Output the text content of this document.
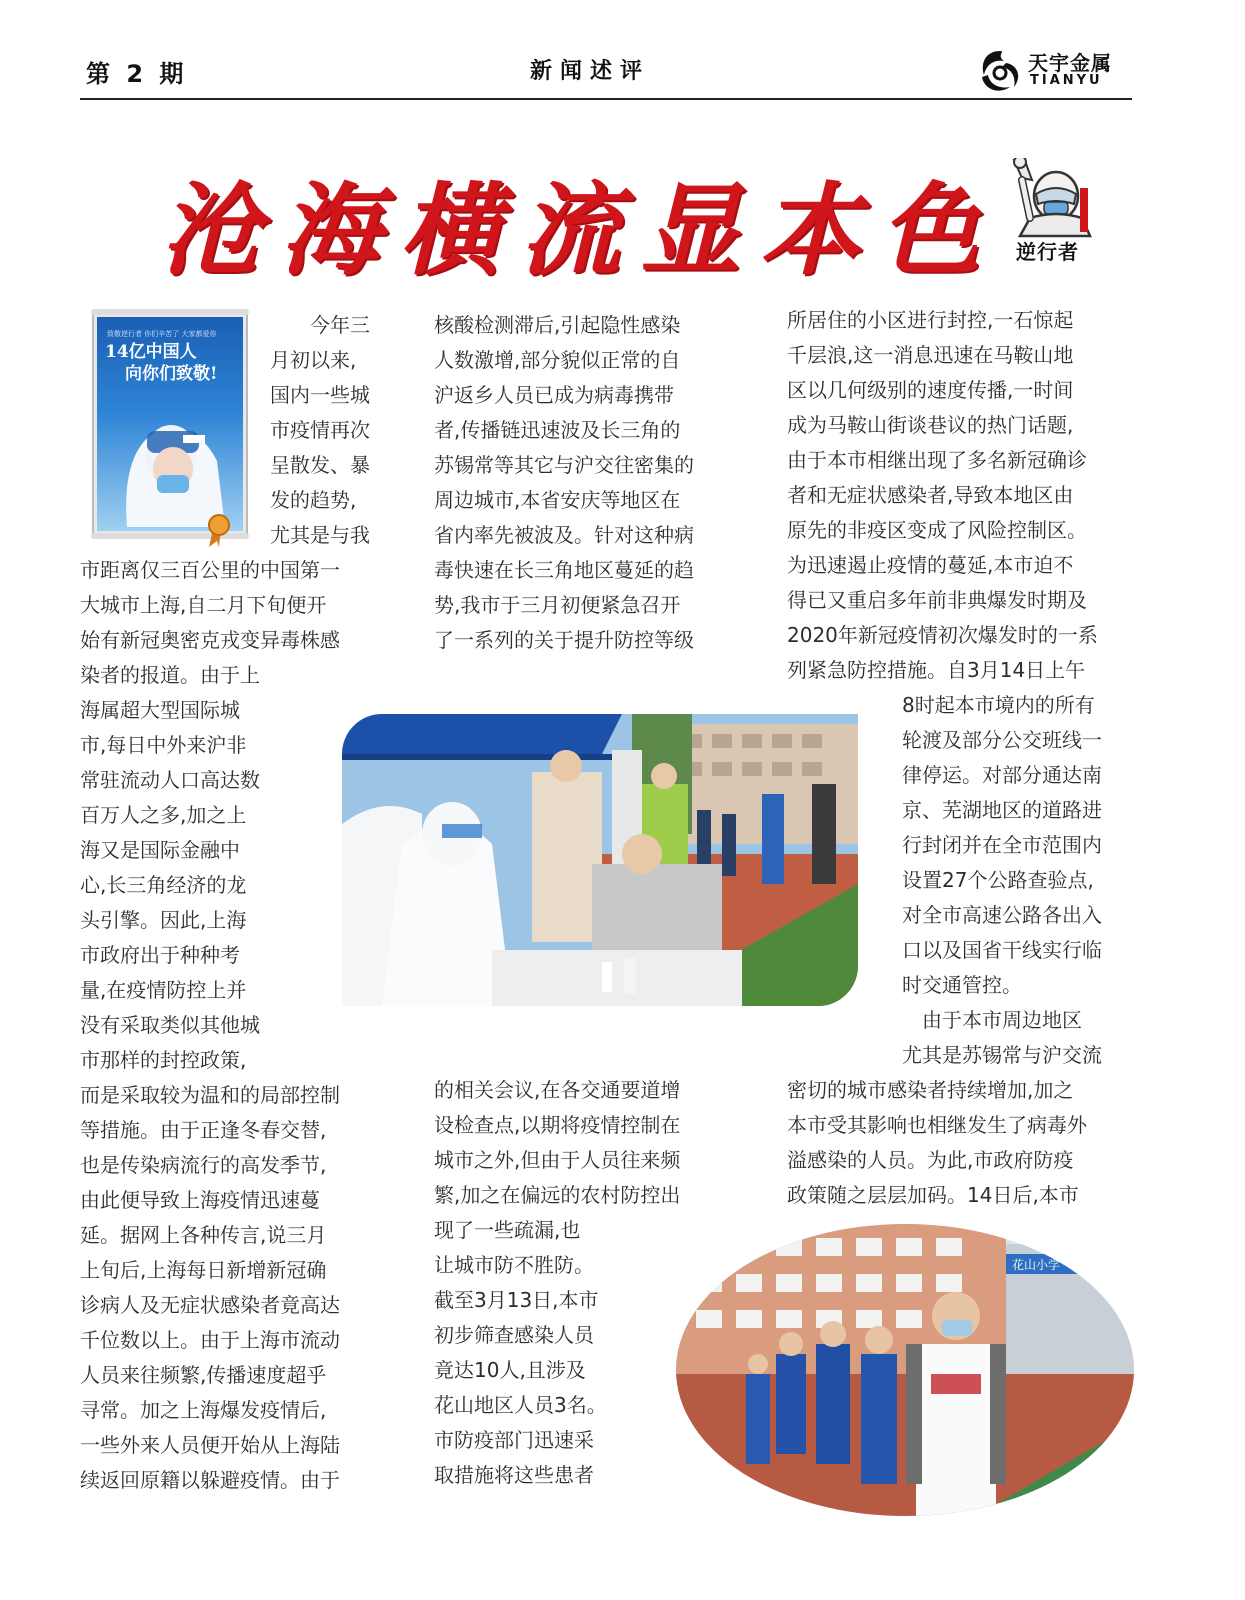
第 2 期	新闻述评	天宇金属
TIANYU
沧海横流显本色 逆行者
致敬逆行者 你们辛苦了 大家都爱你
14亿中国人
向你们致敬!

今年三

月初以来,

国内一些城

市疫情再次

呈散发、暴

发的趋势,

尤其是与我

市距离仅三百公里的中国第一

大城市上海,自二月下旬便开

始有新冠奥密克戎变异毒株感

染者的报道。由于上

海属超大型国际城

市,每日中外来沪非

常驻流动人口高达数

百万人之多,加之上

海又是国际金融中

心,长三角经济的龙

头引擎。因此,上海

市政府出于种种考

量,在疫情防控上并

没有采取类似其他城

市那样的封控政策,

而是采取较为温和的局部控制

等措施。由于正逢冬春交替,

也是传染病流行的高发季节,

由此便导致上海疫情迅速蔓

延。据网上各种传言,说三月

上旬后,上海每日新增新冠确

诊病人及无症状感染者竟高达

千位数以上。由于上海市流动

人员来往频繁,传播速度超乎

寻常。加之上海爆发疫情后,

一些外来人员便开始从上海陆

续返回原籍以躲避疫情。由于

核酸检测滞后,引起隐性感染

人数激增,部分貌似正常的自

沪返乡人员已成为病毒携带

者,传播链迅速波及长三角的

苏锡常等其它与沪交往密集的

周边城市,本省安庆等地区在

省内率先被波及。针对这种病

毒快速在长三角地区蔓延的趋

势,我市于三月初便紧急召开

了一系列的关于提升防控等级

的相关会议,在各交通要道增

设检查点,以期将疫情控制在

城市之外,但由于人员往来频

繁,加之在偏远的农村防控出

现了一些疏漏,也

让城市防不胜防。

截至3月13日,本市

初步筛查感染人员

竟达10人,且涉及

花山地区人员3名。

市防疫部门迅速采

取措施将这些患者

所居住的小区进行封控,一石惊起

千层浪,这一消息迅速在马鞍山地

区以几何级别的速度传播,一时间

成为马鞍山街谈巷议的热门话题,

由于本市相继出现了多名新冠确诊

者和无症状感染者,导致本地区由

原先的非疫区变成了风险控制区。

为迅速遏止疫情的蔓延,本市迫不

得已又重启多年前非典爆发时期及

2020年新冠疫情初次爆发时的一系

列紧急防控措施。自3月14日上午

8时起本市境内的所有

轮渡及部分公交班线一

律停运。对部分通达南

京、芜湖地区的道路进

行封闭并在全市范围内

设置27个公路查验点,

对全市高速公路各出入

口以及国省干线实行临

时交通管控。

　由于本市周边地区

尤其是苏锡常与沪交流

密切的城市感染者持续增加,加之

本市受其影响也相继发生了病毒外

溢感染的人员。为此,市政府防疫

政策随之层层加码。14日后,本市

花山小学
